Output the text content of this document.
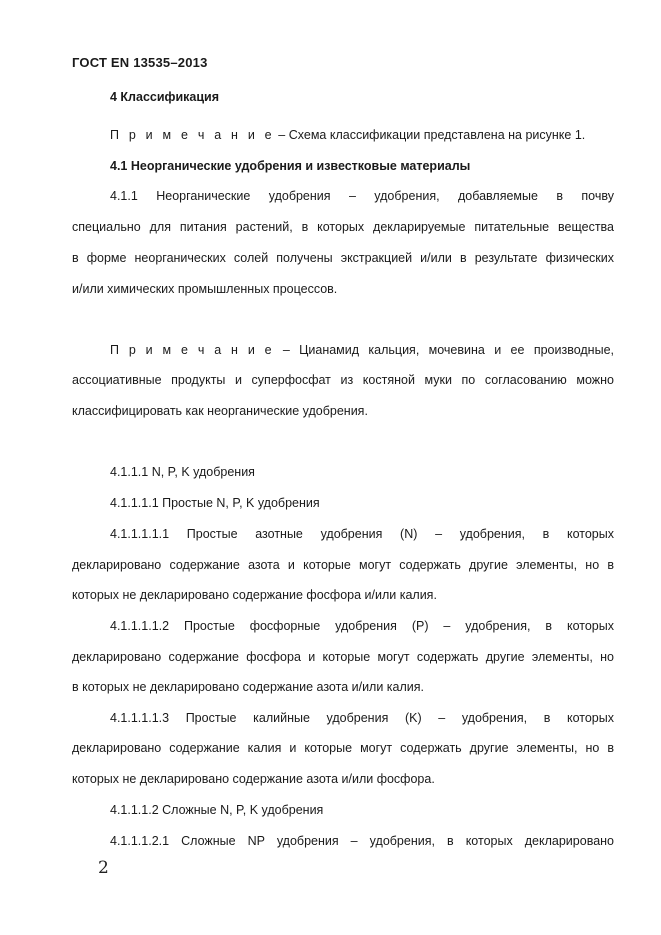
ГОСТ EN 13535–2013
4 Классификация
П р и м е ч а н и е – Схема классификации представлена на рисунке 1.
4.1 Неорганические удобрения и известковые материалы
4.1.1 Неорганические удобрения – удобрения, добавляемые в почву
специально для питания растений, в которых декларируемые питательные вещества
в форме неорганических солей получены экстракцией и/или в результате физических
и/или химических промышленных процессов.
П р и м е ч а н и е – Цианамид кальция, мочевина и ее производные,
ассоциативные продукты и суперфосфат из костяной муки по согласованию можно
классифицировать как неорганические удобрения.
4.1.1.1 N, P, K удобрения
4.1.1.1.1 Простые N, P, K удобрения
4.1.1.1.1.1 Простые азотные удобрения (N) – удобрения, в которых
декларировано содержание азота и которые могут содержать другие элементы, но в
которых не декларировано содержание фосфора и/или калия.
4.1.1.1.1.2 Простые фосфорные удобрения (P) – удобрения, в которых
декларировано содержание фосфора и которые могут содержать другие элементы, но
в которых не декларировано содержание азота и/или калия.
4.1.1.1.1.3 Простые калийные удобрения (K) – удобрения, в которых
декларировано содержание калия и которые могут содержать другие элементы, но в
которых не декларировано содержание азота и/или фосфора.
4.1.1.1.2 Сложные N, P, K удобрения
4.1.1.1.2.1 Сложные NP удобрения – удобрения, в которых декларировано
2
